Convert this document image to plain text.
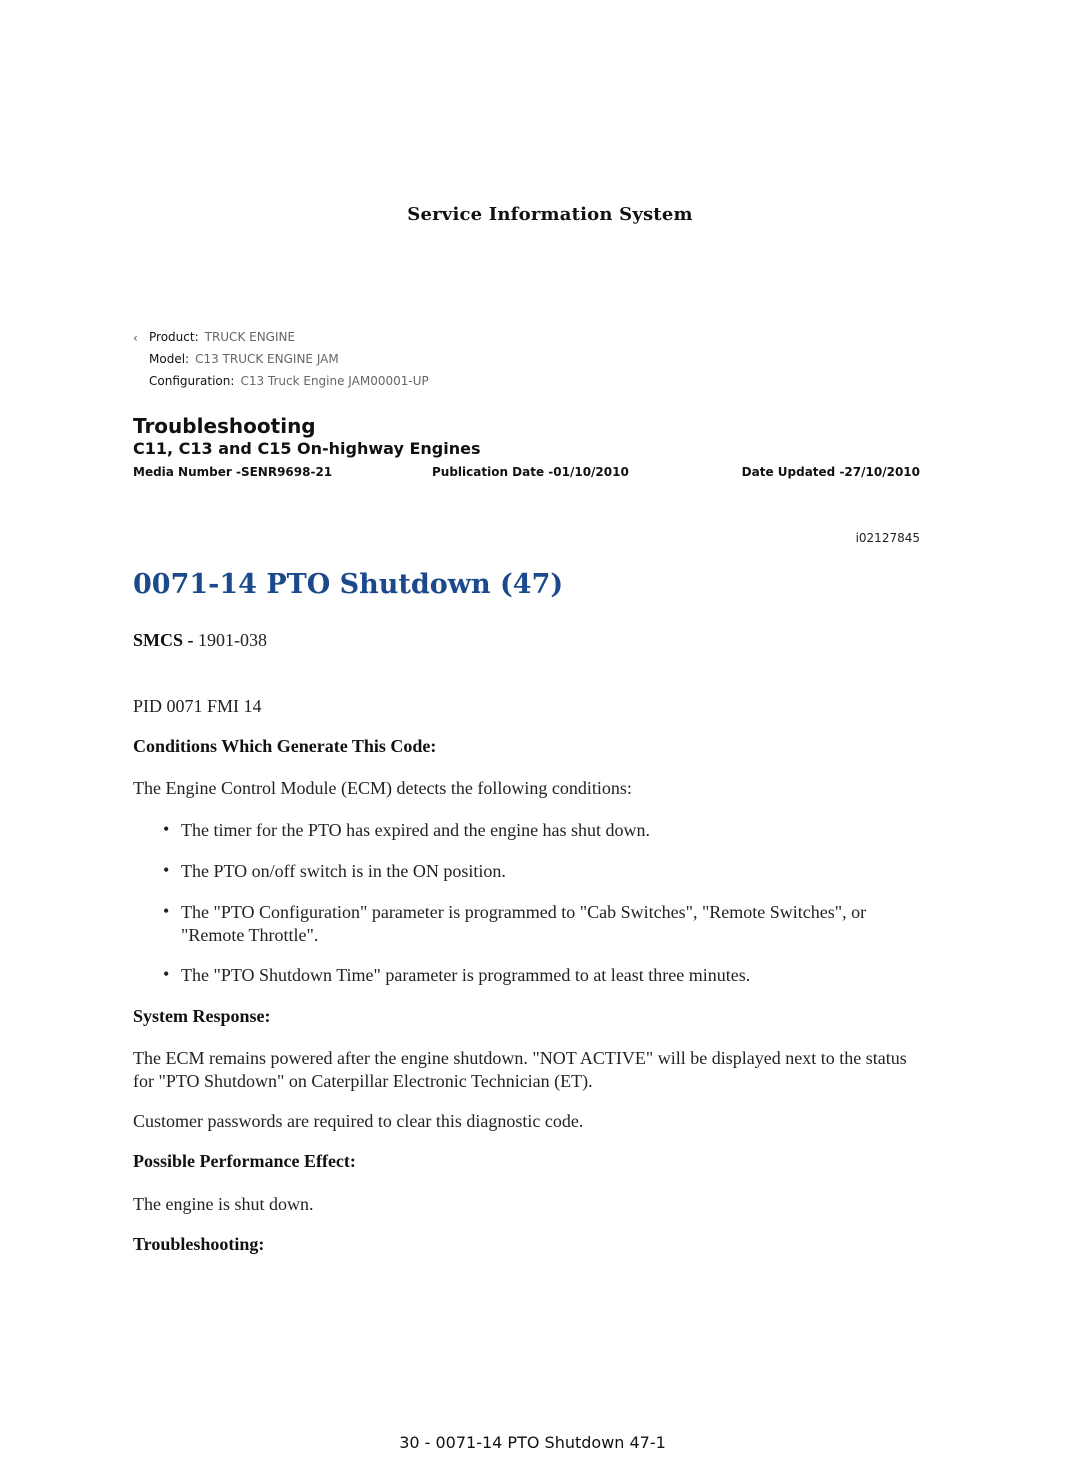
Service Information System
‹ Product: TRUCK ENGINE
Model: C13 TRUCK ENGINE JAM
Configuration: C13 Truck Engine JAM00001-UP
Troubleshooting
C11, C13 and C15 On-highway Engines
Media Number -SENR9698-21	Publication Date -01/10/2010	Date Updated -27/10/2010
i02127845
0071-14 PTO Shutdown (47)
SMCS - 1901-038
PID 0071 FMI 14
Conditions Which Generate This Code:
The Engine Control Module (ECM) detects the following conditions:
• The timer for the PTO has expired and the engine has shut down.
• The PTO on/off switch is in the ON position.
• The "PTO Configuration" parameter is programmed to "Cab Switches", "Remote Switches", or "Remote Throttle".
• The "PTO Shutdown Time" parameter is programmed to at least three minutes.
System Response:
The ECM remains powered after the engine shutdown. "NOT ACTIVE" will be displayed next to the status for "PTO Shutdown" on Caterpillar Electronic Technician (ET).
Customer passwords are required to clear this diagnostic code.
Possible Performance Effect:
The engine is shut down.
Troubleshooting:
30 - 0071-14 PTO Shutdown 47-1
